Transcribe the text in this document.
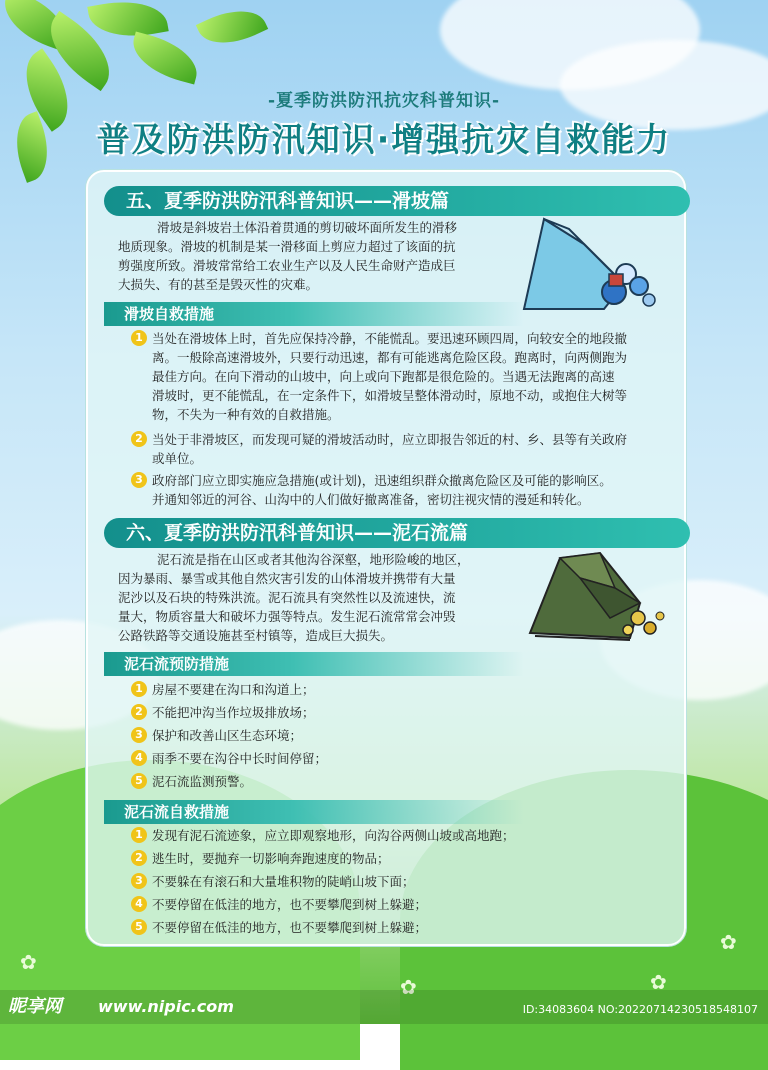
✿
✿
✿	✿
-夏季防洪防汛抗灾科普知识-
普及防洪防汛知识·增强抗灾自救能力
五、夏季防洪防汛科普知识——滑坡篇
滑坡是斜坡岩土体沿着贯通的剪切破坏面所发生的滑移
地质现象。滑坡的机制是某一滑移面上剪应力超过了该面的抗
剪强度所致。滑坡常常给工农业生产以及人民生命财产造成巨
大损失、有的甚至是毁灭性的灾难。
滑坡自救措施
1 当处在滑坡体上时，首先应保持冷静，不能慌乱。要迅速环顾四周，向较安全的地段撤
离。一般除高速滑坡外，只要行动迅速，都有可能逃离危险区段。跑离时，向两侧跑为
最佳方向。在向下滑动的山坡中，向上或向下跑都是很危险的。当遇无法跑离的高速
滑坡时，更不能慌乱，在一定条件下，如滑坡呈整体滑动时，原地不动，或抱住大树等
物，不失为一种有效的自救措施。
2 当处于非滑坡区，而发现可疑的滑坡活动时，应立即报告邻近的村、乡、县等有关政府
或单位。
3 政府部门应立即实施应急措施(或计划)，迅速组织群众撤离危险区及可能的影响区。
并通知邻近的河谷、山沟中的人们做好撤离准备，密切注视灾情的漫延和转化。
六、夏季防洪防汛科普知识——泥石流篇
泥石流是指在山区或者其他沟谷深壑，地形险峻的地区，
因为暴雨、暴雪或其他自然灾害引发的山体滑坡并携带有大量
泥沙以及石块的特殊洪流。泥石流具有突然性以及流速快，流
量大，物质容量大和破坏力强等特点。发生泥石流常常会冲毁
公路铁路等交通设施甚至村镇等，造成巨大损失。
泥石流预防措施
1 房屋不要建在沟口和沟道上；
2 不能把冲沟当作垃圾排放场；
3 保护和改善山区生态环境；
4 雨季不要在沟谷中长时间停留；
5 泥石流监测预警。
泥石流自救措施
1 发现有泥石流迹象，应立即观察地形，向沟谷两侧山坡或高地跑；
2 逃生时，要抛弃一切影响奔跑速度的物品；
3 不要躲在有滚石和大量堆积物的陡峭山坡下面；
4 不要停留在低洼的地方，也不要攀爬到树上躲避；
5 不要停留在低洼的地方，也不要攀爬到树上躲避；
昵享网 www.nipic.com	ID:34083604 NO:20220714230518548107
